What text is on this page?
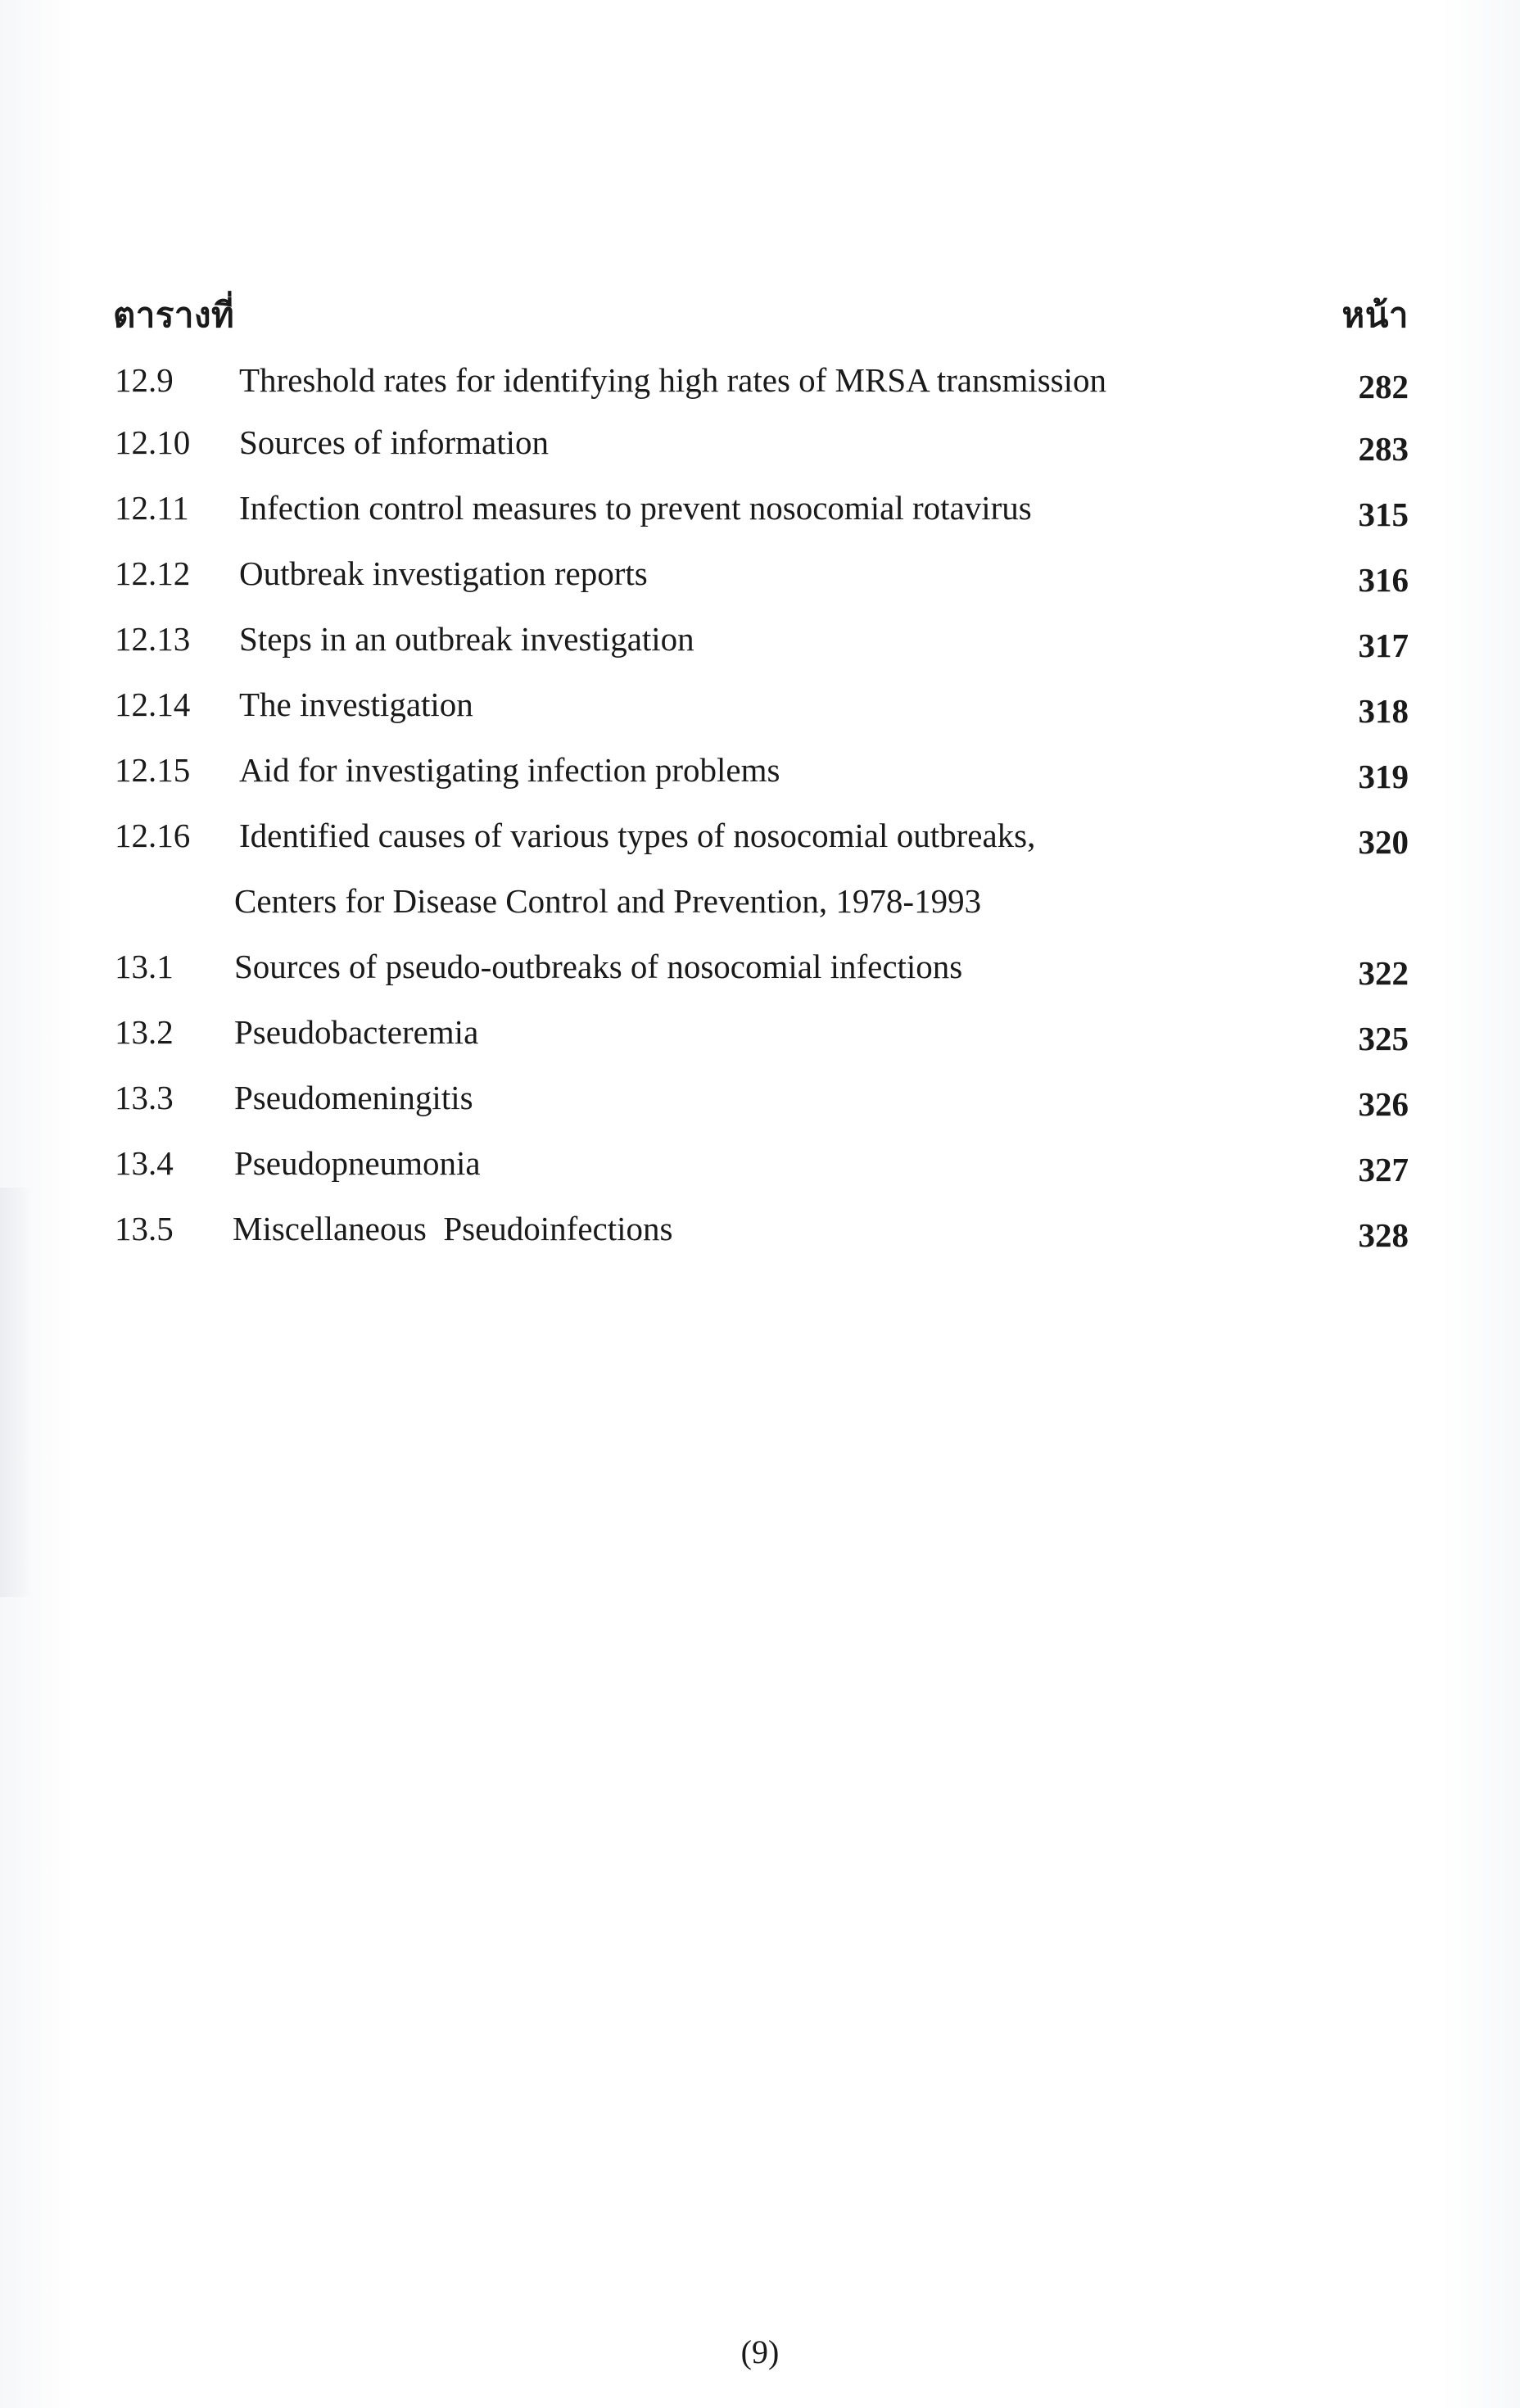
ตารางที่	หน้า
12.9 Threshold rates for identifying high rates of MRSA transmission	282
12.10 Sources of information	283
12.11 Infection control measures to prevent nosocomial rotavirus	315
12.12 Outbreak investigation reports	316
12.13 Steps in an outbreak investigation	317
12.14 The investigation	318
12.15 Aid for investigating infection problems	319
12.16 Identified causes of various types of nosocomial outbreaks,	320
Centers for Disease Control and Prevention, 1978-1993
13.1 Sources of pseudo-outbreaks of nosocomial infections	322
13.2 Pseudobacteremia	325
13.3 Pseudomeningitis	326
13.4 Pseudopneumonia	327
13.5 Miscellaneous  Pseudoinfections	328
(9)
